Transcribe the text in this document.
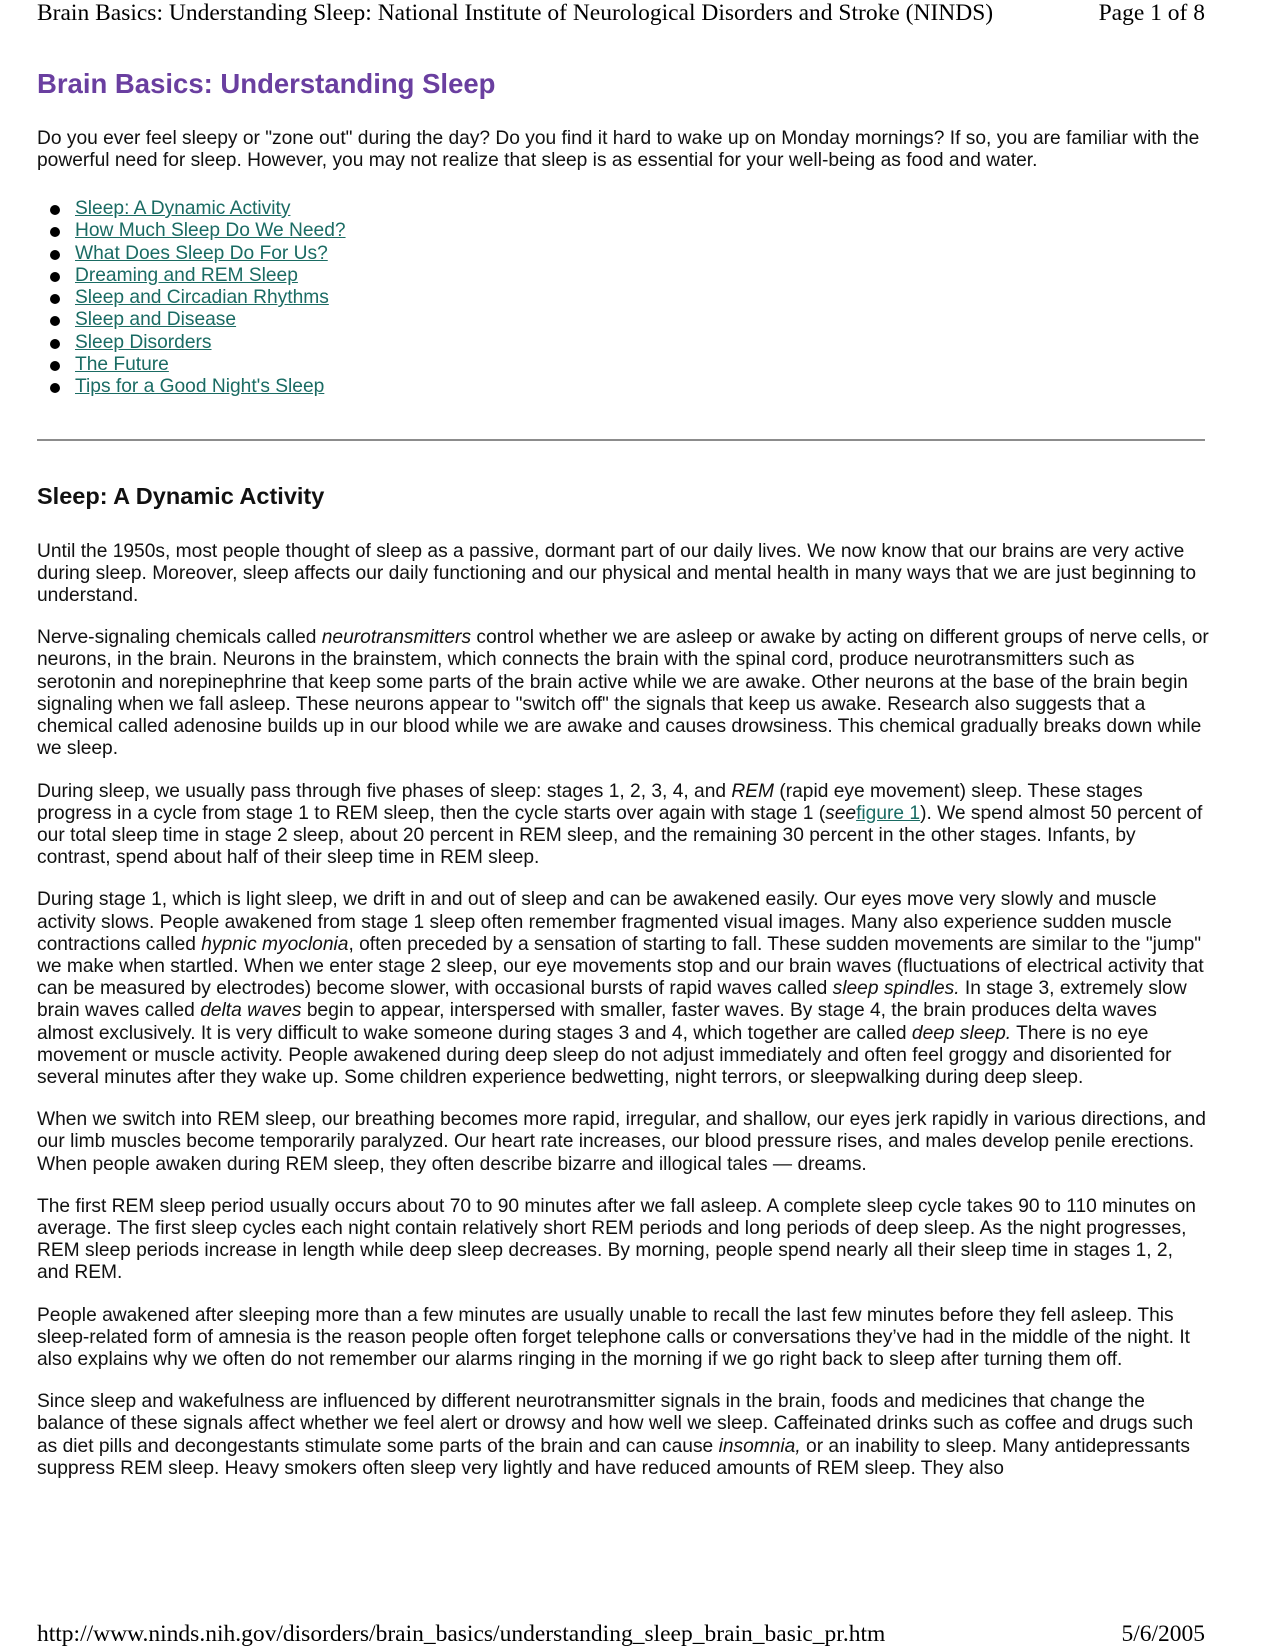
Brain Basics: Understanding Sleep: National Institute of Neurological Disorders and Stroke (NINDS)	Page 1 of 8
Brain Basics: Understanding Sleep

Do you ever feel sleepy or "zone out" during the day? Do you find it hard to wake up on Monday mornings? If so, you are familiar with the powerful need for sleep. However, you may not realize that sleep is as essential for your well-being as food and water.

Sleep: A Dynamic Activity
How Much Sleep Do We Need?
What Does Sleep Do For Us?
Dreaming and REM Sleep
Sleep and Circadian Rhythms
Sleep and Disease
Sleep Disorders
The Future
Tips for a Good Night's Sleep
Sleep: A Dynamic Activity

Until the 1950s, most people thought of sleep as a passive, dormant part of our daily lives. We now know that our brains are very active during sleep. Moreover, sleep affects our daily functioning and our physical and mental health in many ways that we are just beginning to understand.

Nerve-signaling chemicals called neurotransmitters control whether we are asleep or awake by acting on different groups of nerve cells, or neurons, in the brain. Neurons in the brainstem, which connects the brain with the spinal cord, produce neurotransmitters such as serotonin and norepinephrine that keep some parts of the brain active while we are awake. Other neurons at the base of the brain begin signaling when we fall asleep. These neurons appear to "switch off" the signals that keep us awake. Research also suggests that a chemical called adenosine builds up in our blood while we are awake and causes drowsiness. This chemical gradually breaks down while we sleep.

During sleep, we usually pass through five phases of sleep: stages 1, 2, 3, 4, and REM (rapid eye movement) sleep. These stages progress in a cycle from stage 1 to REM sleep, then the cycle starts over again with stage 1 (seefigure 1). We spend almost 50 percent of our total sleep time in stage 2 sleep, about 20 percent in REM sleep, and the remaining 30 percent in the other stages. Infants, by contrast, spend about half of their sleep time in REM sleep.

During stage 1, which is light sleep, we drift in and out of sleep and can be awakened easily. Our eyes move very slowly and muscle activity slows. People awakened from stage 1 sleep often remember fragmented visual images. Many also experience sudden muscle contractions called hypnic myoclonia, often preceded by a sensation of starting to fall. These sudden movements are similar to the "jump" we make when startled. When we enter stage 2 sleep, our eye movements stop and our brain waves (fluctuations of electrical activity that can be measured by electrodes) become slower, with occasional bursts of rapid waves called sleep spindles. In stage 3, extremely slow brain waves called delta waves begin to appear, interspersed with smaller, faster waves. By stage 4, the brain produces delta waves almost exclusively. It is very difficult to wake someone during stages 3 and 4, which together are called deep sleep. There is no eye movement or muscle activity. People awakened during deep sleep do not adjust immediately and often feel groggy and disoriented for several minutes after they wake up. Some children experience bedwetting, night terrors, or sleepwalking during deep sleep.

When we switch into REM sleep, our breathing becomes more rapid, irregular, and shallow, our eyes jerk rapidly in various directions, and our limb muscles become temporarily paralyzed. Our heart rate increases, our blood pressure rises, and males develop penile erections. When people awaken during REM sleep, they often describe bizarre and illogical tales — dreams.

The first REM sleep period usually occurs about 70 to 90 minutes after we fall asleep. A complete sleep cycle takes 90 to 110 minutes on average. The first sleep cycles each night contain relatively short REM periods and long periods of deep sleep. As the night progresses, REM sleep periods increase in length while deep sleep decreases. By morning, people spend nearly all their sleep time in stages 1, 2, and REM.

People awakened after sleeping more than a few minutes are usually unable to recall the last few minutes before they fell asleep. This sleep-related form of amnesia is the reason people often forget telephone calls or conversations they’ve had in the middle of the night. It also explains why we often do not remember our alarms ringing in the morning if we go right back to sleep after turning them off.

Since sleep and wakefulness are influenced by different neurotransmitter signals in the brain, foods and medicines that change the balance of these signals affect whether we feel alert or drowsy and how well we sleep. Caffeinated drinks such as coffee and drugs such as diet pills and decongestants stimulate some parts of the brain and can cause insomnia, or an inability to sleep. Many antidepressants suppress REM sleep. Heavy smokers often sleep very lightly and have reduced amounts of REM sleep. They also

http://www.ninds.nih.gov/disorders/brain_basics/understanding_sleep_brain_basic_pr.htm	5/6/2005
